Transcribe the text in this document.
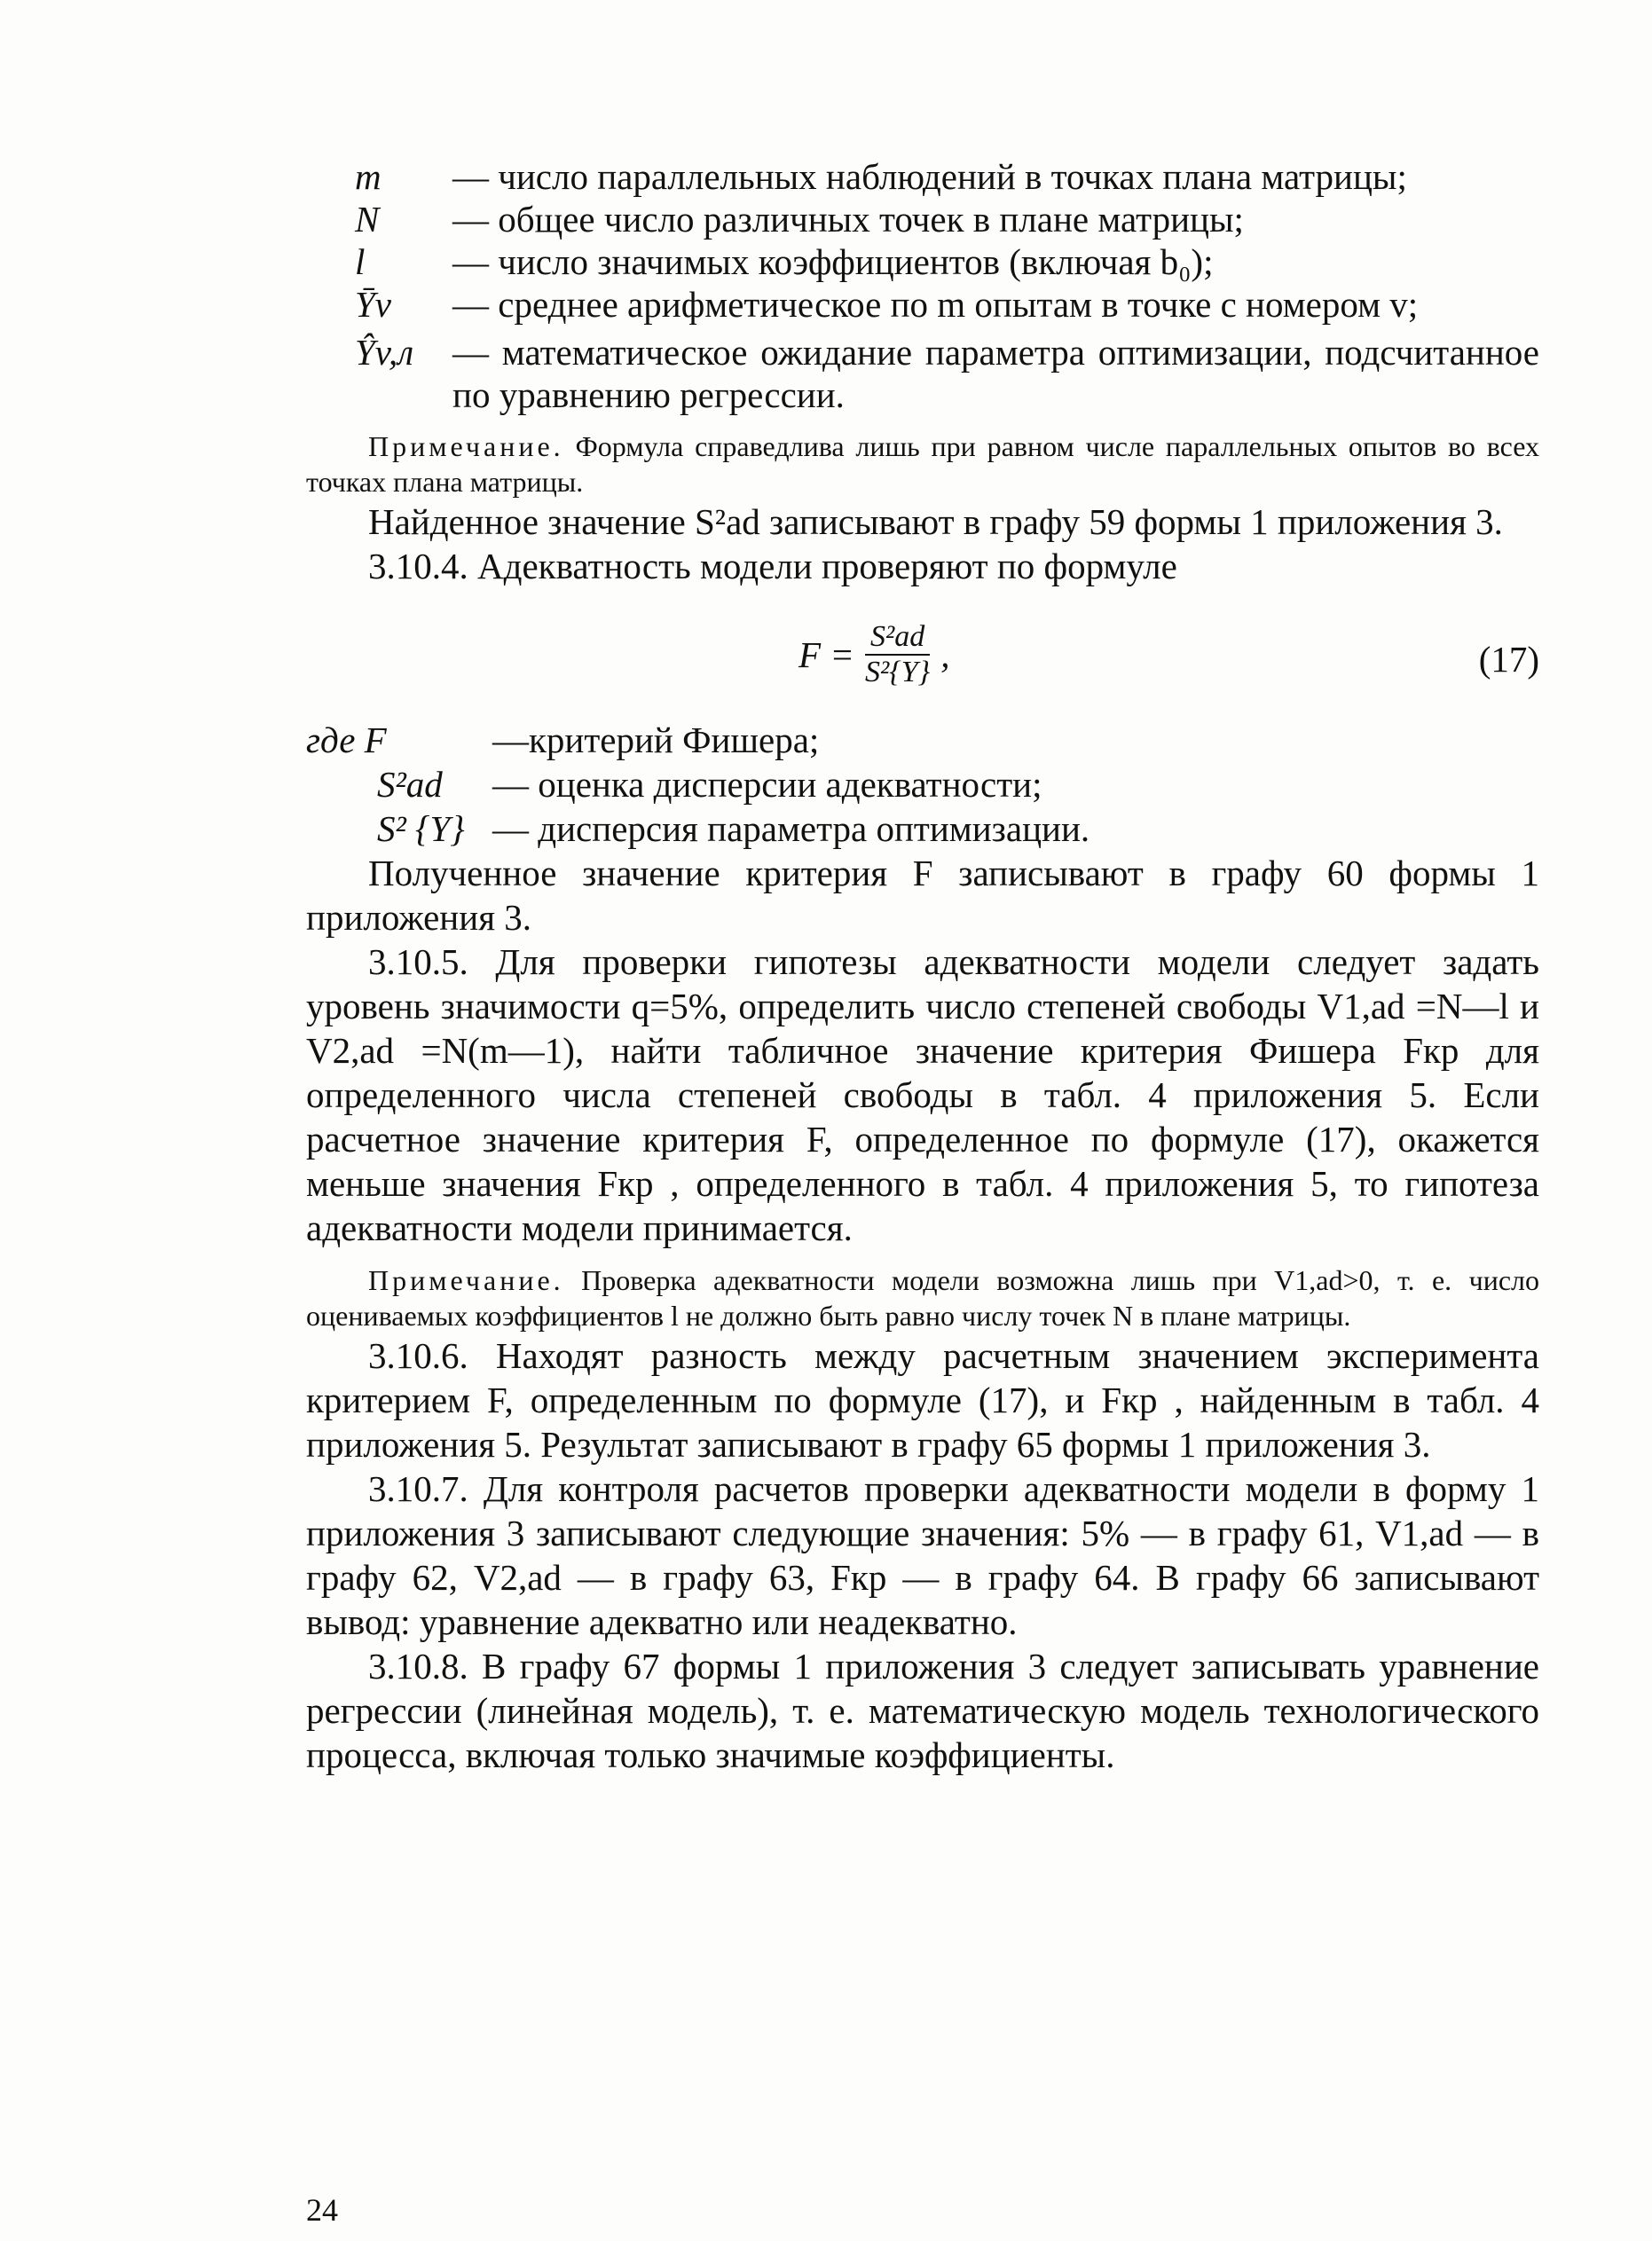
m	— число параллельных наблюдений в точках плана матрицы;
N	— общее число различных точек в плане матрицы;
l	— число значимых коэффициентов (включая b₀);
Ȳv	— среднее арифметическое по m опытам в точке с номером v;
Ŷv,л	— математическое ожидание параметра оптимизации, подсчитанное по уравнению регрессии.
Примечание. Формула справедлива лишь при равном числе параллельных опытов во всех точках плана матрицы.

Найденное значение S²ad записывают в графу 59 формы 1 приложения 3.

3.10.4. Адекватность модели проверяют по формуле

$F = \frac{\text{S²ad}}{\text{S²\{Y\}}}$ ,	(17)
где F	—критерий Фишера;
S²ad	— оценка дисперсии адекватности;
S² {Y} — дисперсия параметра оптимизации.

Полученное значение критерия F записывают в графу 60 формы 1 приложения 3.

3.10.5. Для проверки гипотезы адекватности модели следует задать уровень значимости q=5%, определить число степеней свободы V1,ad =N—l и V2,ad =N(m—1), найти табличное значение критерия Фишера Fкр для определенного числа степеней свободы в табл. 4 приложения 5. Если расчетное значение критерия F, определенное по формуле (17), окажется меньше значения Fкр , определенного в табл. 4 приложения 5, то гипотеза адекватности модели принимается.

Примечание. Проверка адекватности модели возможна лишь при V1,ad>0, т. е. число оцениваемых коэффициентов l не должно быть равно числу точек N в плане матрицы.

3.10.6. Находят разность между расчетным значением эксперимента критерием F, определенным по формуле (17), и Fкр , найденным в табл. 4 приложения 5. Результат записывают в графу 65 формы 1 приложения 3.

3.10.7. Для контроля расчетов проверки адекватности модели в форму 1 приложения 3 записывают следующие значения: 5% — в графу 61, V1,ad — в графу 62, V2,ad — в графу 63, Fкр — в графу 64. В графу 66 записывают вывод: уравнение адекватно или неадекватно.

3.10.8. В графу 67 формы 1 приложения 3 следует записывать уравнение регрессии (линейная модель), т. е. математическую модель технологического процесса, включая только значимые коэффициенты.

24
